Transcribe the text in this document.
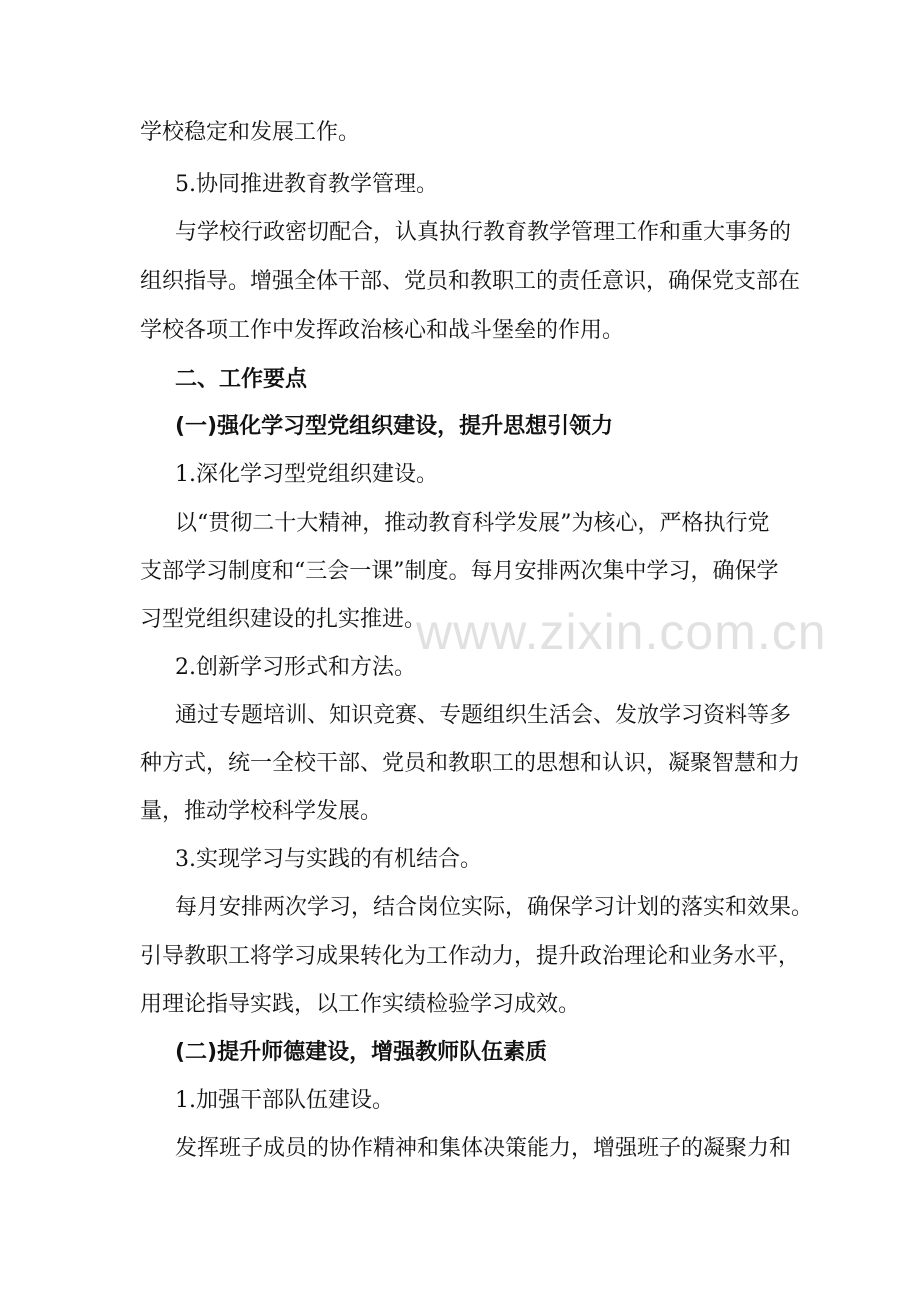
学校稳定和发展工作。
5.协同推进教育教学管理。
与学校行政密切配合，认真执行教育教学管理工作和重大事务的
组织指导。增强全体干部、党员和教职工的责任意识，确保党支部在
学校各项工作中发挥政治核心和战斗堡垒的作用。
二、工作要点
(一)强化学习型党组织建设，提升思想引领力
1.深化学习型党组织建设。
以“贯彻二十大精神，推动教育科学发展”为核心，严格执行党
支部学习制度和“三会一课”制度。每月安排两次集中学习，确保学
习型党组织建设的扎实推进。
2.创新学习形式和方法。
通过专题培训、知识竞赛、专题组织生活会、发放学习资料等多
种方式，统一全校干部、党员和教职工的思想和认识，凝聚智慧和力
量，推动学校科学发展。
3.实现学习与实践的有机结合。
每月安排两次学习，结合岗位实际，确保学习计划的落实和效果。
引导教职工将学习成果转化为工作动力，提升政治理论和业务水平，
用理论指导实践，以工作实绩检验学习成效。
(二)提升师德建设，增强教师队伍素质
1.加强干部队伍建设。
发挥班子成员的协作精神和集体决策能力，增强班子的凝聚力和
www.zixin.com.cn
